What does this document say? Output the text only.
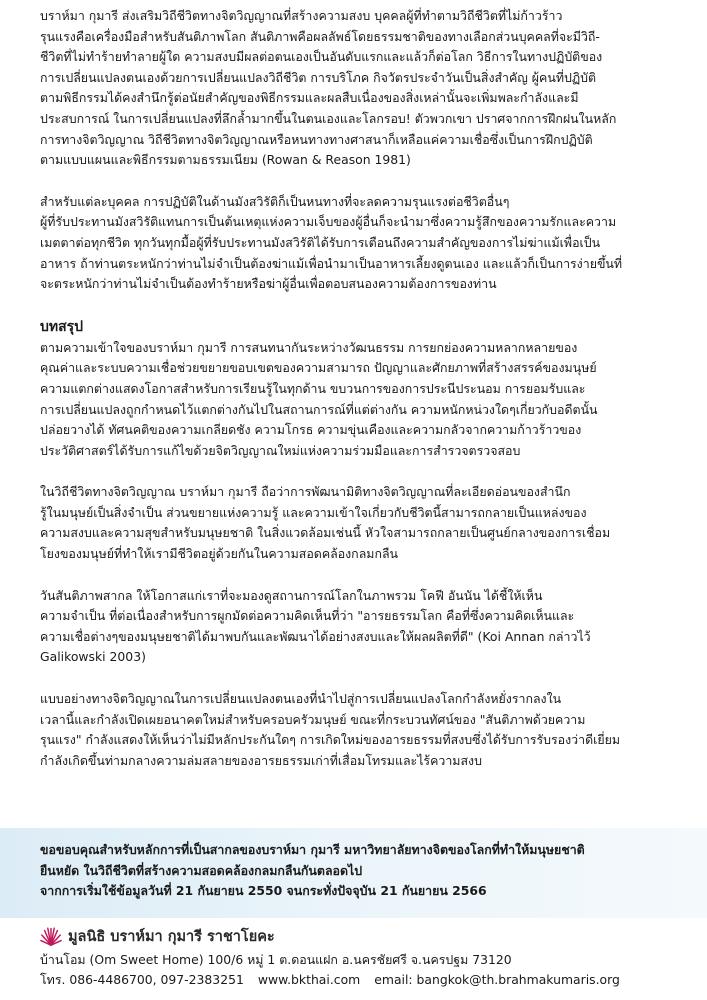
บราห์มา กุมารี ส่งเสริมวิถีชีวิตทางจิตวิญญาณที่สร้างความสงบ บุคคลผู้ที่ทำตามวิถีชีวิตที่ไม่ก้าวร้าว
รุนแรงคือเครื่องมือสำหรับสันติภาพโลก สันติภาพคือผลลัพธ์โดยธรรมชาติของทางเลือกส่วนบุคคลที่จะมีวิถี-
ชีวิตที่ไม่ทำร้ายทำลายผู้ใด ความสงบมีผลต่อตนเองเป็นอันดับแรกและแล้วก็ต่อโลก วิธีการในทางปฏิบัติของ
การเปลี่ยนแปลงตนเองด้วยการเปลี่ยนแปลงวิถีชีวิต การบริโภค กิจวัตรประจำวันเป็นสิ่งสำคัญ ผู้คนที่ปฏิบัติ
ตามพิธีกรรมได้คงสำนึกรู้ต่อนัยสำคัญของพิธีกรรมและผลสืบเนื่องของสิ่งเหล่านั้นจะเพิ่มพละกำลังและมี
ประสบการณ์ ในการเปลี่ยนแปลงที่ลึกล้ำมากขึ้นในตนเองและโลกรอบ! ตัวพวกเขา ปราศจากการฝึกฝนในหลัก
การทางจิตวิญญาณ วิถีชีวิตทางจิตวิญญาณหรือหนทางทางศาสนาก็เหลือแค่ความเชื่อซึ่งเป็นการฝึกปฏิบัติ
ตามแบบแผนและพิธีกรรมตามธรรมเนียม (Rowan & Reason 1981)
สำหรับแต่ละบุคคล การปฏิบัติในด้านมังสวิรัติก็เป็นหนทางที่จะลดความรุนแรงต่อชีวิตอื่นๆ
ผู้ที่รับประทานมังสวิรัติแทนการเป็นต้นเหตุแห่งความเจ็บของผู้อื่นก็จะนำมาซึ่งความรู้สึกของความรักและความ
เมตตาต่อทุกชีวิต ทุกวันทุกมื้อผู้ที่รับประทานมังสวิรัติได้รับการเตือนถึงความสำคัญของการไม่ฆ่าแม้เพื่อเป็น
อาหาร ถ้าท่านตระหนักว่าท่านไม่จำเป็นต้องฆ่าแม้เพื่อนำมาเป็นอาหารเลี้ยงดูตนเอง และแล้วก็เป็นการง่ายขึ้นที่
จะตระหนักว่าท่านไม่จำเป็นต้องทำร้ายหรือฆ่าผู้อื่นเพื่อตอบสนองความต้องการของท่าน
บทสรุป
ตามความเข้าใจของบราห์มา กุมารี การสนทนากันระหว่างวัฒนธรรม การยกย่องความหลากหลายของ
คุณค่าและระบบความเชื่อช่วยขยายขอบเขตของความสามารถ ปัญญาและศักยภาพที่สร้างสรรค์ของมนุษย์
ความแตกต่างแสดงโอกาสสำหรับการเรียนรู้ในทุกด้าน ขบวนการของการประนีประนอม การยอมรับและ
การเปลี่ยนแปลงถูกกำหนดไว้แตกต่างกันไปในสถานการณ์ที่แต่ต่างกัน ความหนักหน่วงใดๆเกี่ยวกับอดีตนั้น
ปล่อยวางได้ ทัศนคติของความเกลียดชัง ความโกรธ ความขุ่นเคืองและความกลัวจากความก้าวร้าวของ
ประวัติศาสตร์ได้รับการแก้ไขด้วยจิตวิญญาณใหม่แห่งความร่วมมือและการสำรวจตรวจสอบ
ในวิถีชีวิตทางจิตวิญญาณ บราห์มา กุมารี ถือว่าการพัฒนามิติทางจิตวิญญาณที่ละเอียดอ่อนของสำนึก
รู้ในมนุษย์เป็นสิ่งจำเป็น ส่วนขยายแห่งความรู้ และความเข้าใจเกี่ยวกับชีวิตนี้สามารถกลายเป็นแหล่งของ
ความสงบและความสุขสำหรับมนุษยชาติ ในสิ่งแวดล้อมเช่นนี้ หัวใจสามารถกลายเป็นศูนย์กลางของการเชื่อม
โยงของมนุษย์ที่ทำให้เรามีชีวิตอยู่ด้วยกันในความสอดคล้องกลมกลืน
วันสันติภาพสากล ให้โอกาสแก่เราที่จะมองดูสถานการณ์โลกในภาพรวม โคฟี อันนัน ได้ชี้ให้เห็น
ความจำเป็น ที่ต่อเนื่องสำหรับการผูกมัดต่อความคิดเห็นที่ว่า "อารยธรรมโลก คือที่ซึ่งความคิดเห็นและ
ความเชื่อต่างๆของมนุษยชาติได้มาพบกันและพัฒนาได้อย่างสงบและให้ผลผลิตที่ดี" (Koi Annan กล่าวไว้
Galikowski 2003)
แบบอย่างทางจิตวิญญาณในการเปลี่ยนแปลงตนเองที่นำไปสู่การเปลี่ยนแปลงโลกกำลังหยั่งรากลงใน
เวลานี้และกำลังเปิดเผยอนาคตใหม่สำหรับครอบครัวมนุษย์ ขณะที่กระบวนทัศน์ของ "สันติภาพด้วยความ
รุนแรง" กำลังแสดงให้เห็นว่าไม่มีหลักประกันใดๆ การเกิดใหม่ของอารยธรรมที่สงบซึ่งได้รับการรับรองว่าดีเยี่ยม
กำลังเกิดขึ้นท่ามกลางความล่มสลายของอารยธรรมเก่าที่เสื่อมโทรมและไร้ความสงบ
ขอขอบคุณสำหรับหลักการที่เป็นสากลของบราห์มา กุมารี มหาวิทยาลัยทางจิตของโลกที่ทำให้มนุษยชาติ
ยืนหยัด ในวิถีชีวิตที่สร้างความสอดคล้องกลมกลืนกันตลอดไป
จากการเริ่มใช้ข้อมูลวันที่ 21 กันยายน 2550 จนกระทั่งปัจจุบัน 21 กันยายน 2566
มูลนิธิ บราห์มา กุมารี ราชาโยคะ
บ้านโอม (Om Sweet Home) 100/6 หมู่ 1 ต.ดอนแฝก อ.นครชัยศรี จ.นครปฐม 73120
โทร. 086-4486700, 097-2383251 www.bkthai.com email: bangkok@th.brahmakumaris.org
